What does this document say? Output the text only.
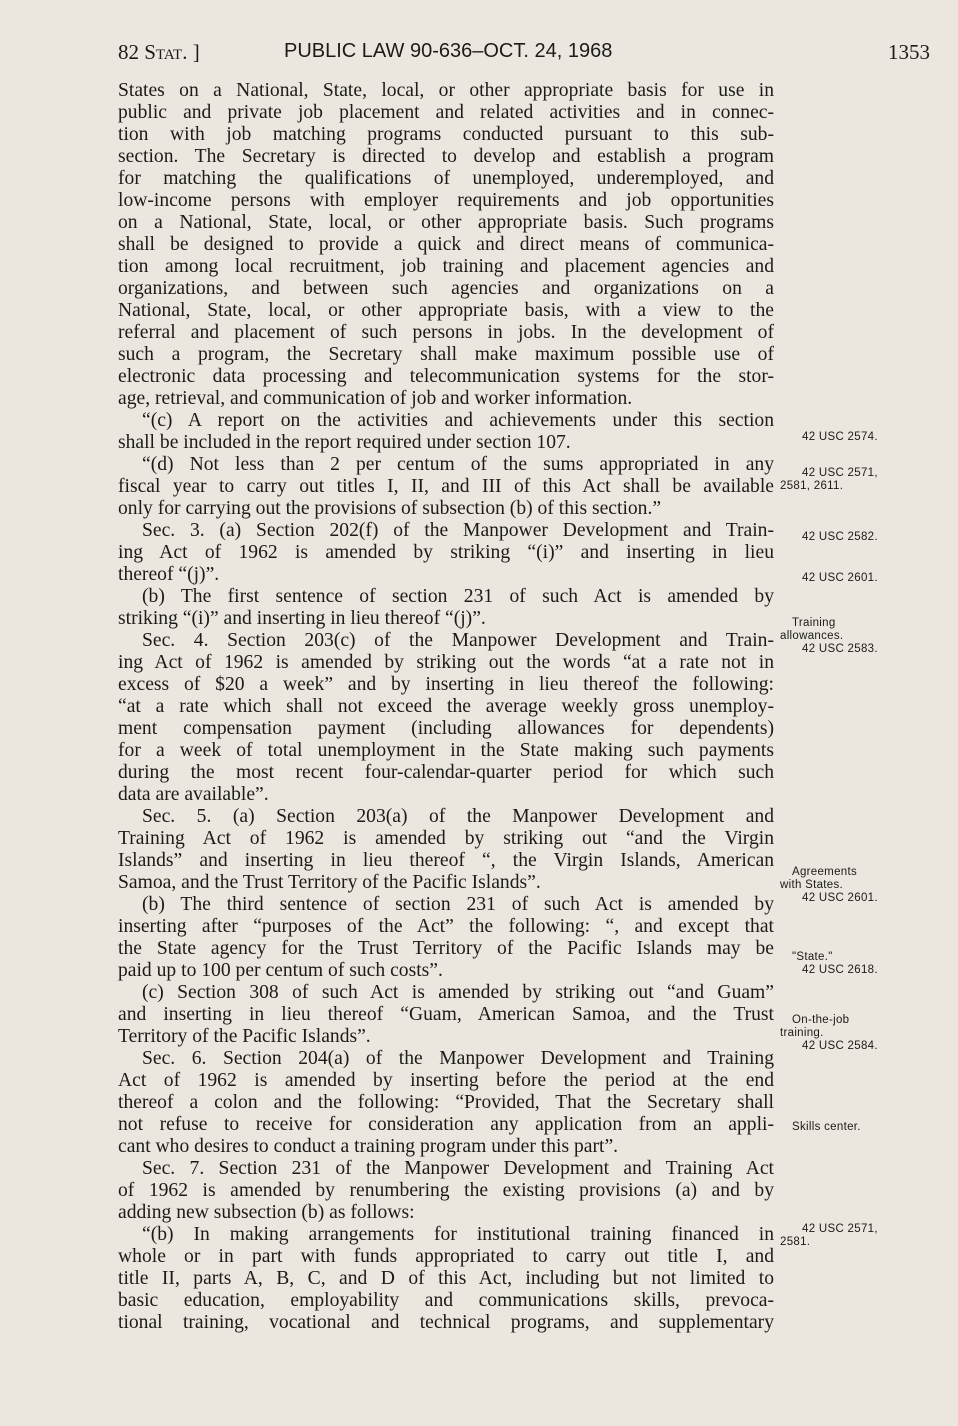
82 Stat. ]	PUBLIC LAW 90-636–OCT. 24, 1968	1353
States on a National, State, local, or other appropriate basis for use in
public and private job placement and related activities and in connec-
tion with job matching programs conducted pursuant to this sub-
section. The Secretary is directed to develop and establish a program
for matching the qualifications of unemployed, underemployed, and
low-income persons with employer requirements and job opportunities
on a National, State, local, or other appropriate basis. Such programs
shall be designed to provide a quick and direct means of communica-
tion among local recruitment, job training and placement agencies and
organizations, and between such agencies and organizations on a
National, State, local, or other appropriate basis, with a view to the
referral and placement of such persons in jobs. In the development of
such a program, the Secretary shall make maximum possible use of
electronic data processing and telecommunication systems for the stor-
age, retrieval, and communication of job and worker information.
“(c) A report on the activities and achievements under this section
shall be included in the report required under section 107.
“(d) Not less than 2 per centum of the sums appropriated in any
fiscal year to carry out titles I, II, and III of this Act shall be available
only for carrying out the provisions of subsection (b) of this section.”
Sec. 3. (a) Section 202(f) of the Manpower Development and Train-
ing Act of 1962 is amended by striking “(i)” and inserting in lieu
thereof “(j)”.
(b) The first sentence of section 231 of such Act is amended by
striking “(i)” and inserting in lieu thereof “(j)”.
Sec. 4. Section 203(c) of the Manpower Development and Train-
ing Act of 1962 is amended by striking out the words “at a rate not in
excess of $20 a week” and by inserting in lieu thereof the following:
“at a rate which shall not exceed the average weekly gross unemploy-
ment compensation payment (including allowances for dependents)
for a week of total unemployment in the State making such payments
during the most recent four-calendar-quarter period for which such
data are available”.
Sec. 5. (a) Section 203(a) of the Manpower Development and
Training Act of 1962 is amended by striking out “and the Virgin
Islands” and inserting in lieu thereof “, the Virgin Islands, American
Samoa, and the Trust Territory of the Pacific Islands”.
(b) The third sentence of section 231 of such Act is amended by
inserting after “purposes of the Act” the following: “, and except that
the State agency for the Trust Territory of the Pacific Islands may be
paid up to 100 per centum of such costs”.
(c) Section 308 of such Act is amended by striking out “and Guam”
and inserting in lieu thereof “Guam, American Samoa, and the Trust
Territory of the Pacific Islands”.
Sec. 6. Section 204(a) of the Manpower Development and Training
Act of 1962 is amended by inserting before the period at the end
thereof a colon and the following: “Provided, That the Secretary shall
not refuse to receive for consideration any application from an appli-
cant who desires to conduct a training program under this part”.
Sec. 7. Section 231 of the Manpower Development and Training Act
of 1962 is amended by renumbering the existing provisions (a) and by
adding new subsection (b) as follows:
“(b) In making arrangements for institutional training financed in
whole or in part with funds appropriated to carry out title I, and
title II, parts A, B, C, and D of this Act, including but not limited to
basic education, employability and communications skills, prevoca-
tional training, vocational and technical programs, and supplementary
42 USC 2574.
42 USC 2571,
2581, 2611.
42 USC 2582.
42 USC 2601.
Training
allowances.
42 USC 2583.
Agreements
with States.
42 USC 2601.
"State."
42 USC 2618.
On-the-job
training.
42 USC 2584.
Skills center.
42 USC 2571,
2581.
